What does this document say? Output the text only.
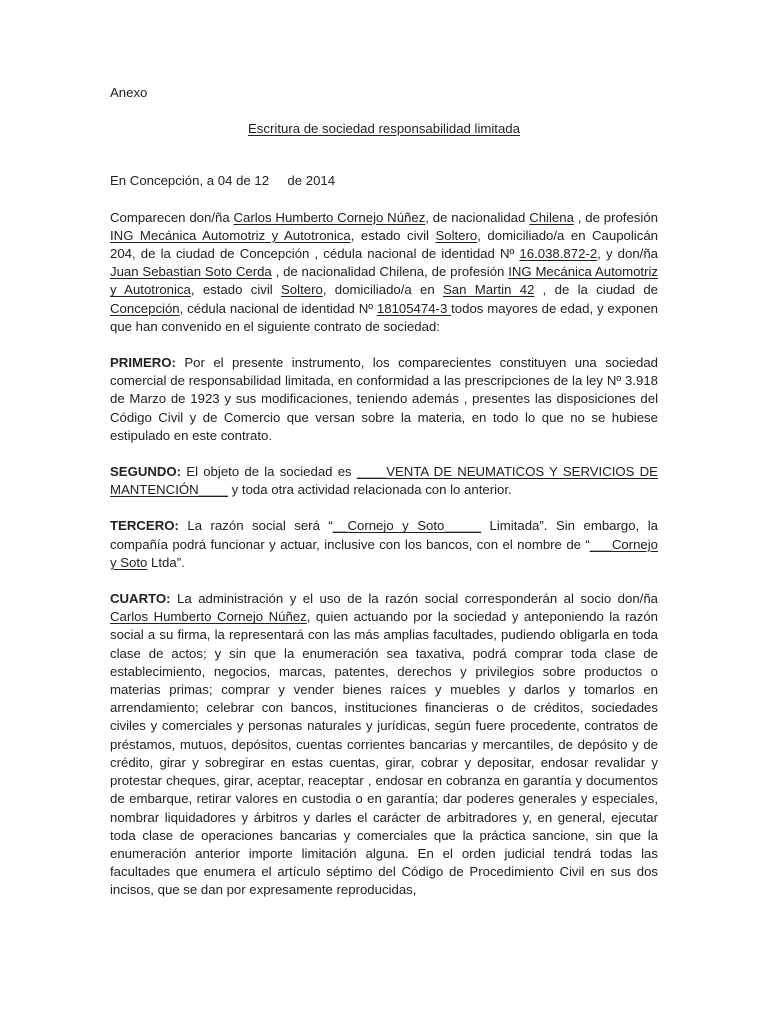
Anexo

Escritura de sociedad responsabilidad limitada

En Concepción, a 04 de 12     de 2014

Comparecen don/ña Carlos Humberto Cornejo Núñez, de nacionalidad Chilena , de profesión ING Mecánica Automotriz y Autotronica, estado civil Soltero, domiciliado/a en Caupolicán 204, de la ciudad de Concepción , cédula nacional de identidad Nº 16.038.872-2, y don/ña Juan Sebastian Soto Cerda , de nacionalidad Chilena, de profesión ING Mecánica Automotriz y Autotronica, estado civil Soltero, domiciliado/a en San Martin 42 , de la ciudad de Concepción, cédula nacional de identidad Nº 18105474-3 todos mayores de edad, y exponen que han convenido en el siguiente contrato de sociedad:

PRIMERO: Por el presente instrumento, los comparecientes constituyen una sociedad comercial de responsabilidad limitada, en conformidad a las prescripciones de la ley Nº 3.918 de Marzo de 1923 y sus modificaciones, teniendo además , presentes las disposiciones del Código Civil y de Comercio que versan sobre la materia, en todo lo que no se hubiese estipulado en este contrato.

SEGUNDO: El objeto de la sociedad es ____VENTA DE NEUMATICOS Y SERVICIOS DE MANTENCIÓN____ y toda otra actividad relacionada con lo anterior.

TERCERO: La razón social será “__Cornejo y Soto_____ Limitada”. Sin embargo, la compañía podrá funcionar y actuar, inclusive con los bancos, con el nombre de “___Cornejo y Soto Ltda”.

CUARTO: La administración y el uso de la razón social corresponderán al socio don/ña Carlos Humberto Cornejo Núñez, quien actuando por la sociedad y anteponiendo la razón social a su firma, la representará con las más amplias facultades, pudiendo obligarla en toda clase de actos; y sin que la enumeración sea taxativa, podrá comprar toda clase de establecimiento, negocios, marcas, patentes, derechos y privilegios sobre productos o materias primas; comprar y vender bienes raíces y muebles y darlos y tomarlos en arrendamiento; celebrar con bancos, instituciones financieras o de créditos, sociedades civiles y comerciales y personas naturales y jurídicas, según fuere procedente, contratos de préstamos, mutuos, depósitos, cuentas corrientes bancarias y mercantiles, de depósito y de crédito, girar y sobregirar en estas cuentas, girar, cobrar y depositar, endosar revalidar y protestar cheques, girar, aceptar, reaceptar , endosar en cobranza en garantía y documentos de embarque, retirar valores en custodia o en garantía; dar poderes generales y especiales, nombrar liquidadores y árbitros y darles el carácter de arbitradores y, en general, ejecutar toda clase de operaciones bancarias y comerciales que la práctica sancione, sin que la enumeración anterior importe limitación alguna. En el orden judicial tendrá todas las facultades que enumera el artículo séptimo del Código de Procedimiento Civil en sus dos incisos, que se dan por expresamente reproducidas,
